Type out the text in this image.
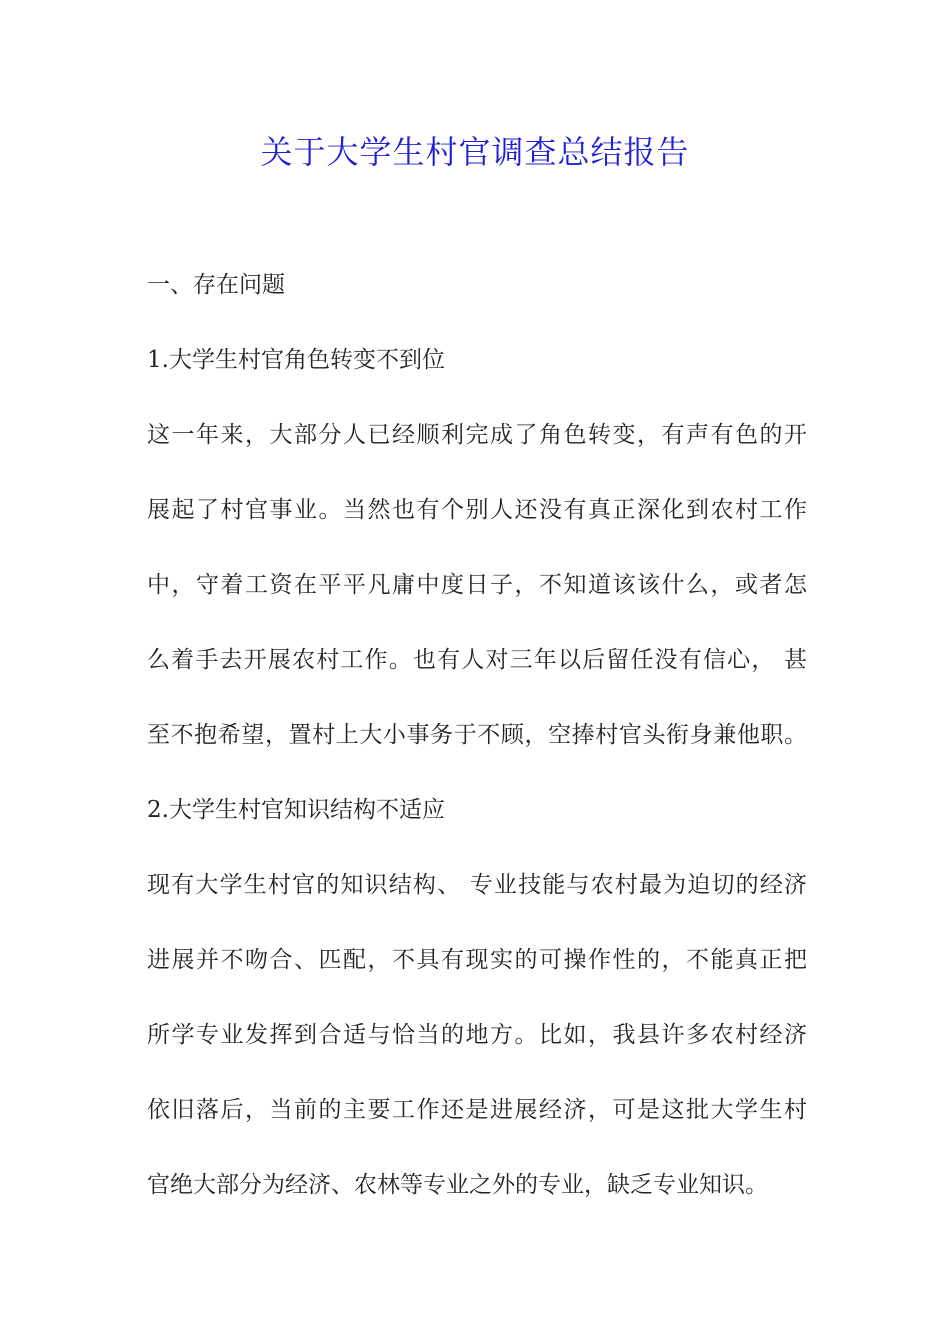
关于大学生村官调查总结报告
一、存在问题
1.大学生村官角色转变不到位
这一年来，大部分人已经顺利完成了角色转变，有声有色的开
展起了村官事业。当然也有个别人还没有真正深化到农村工作
中，守着工资在平平凡庸中度日子，不知道该该什么，或者怎
么着手去开展农村工作。也有人对三年以后留任没有信心， 甚
至不抱希望，置村上大小事务于不顾，空捧村官头衔身兼他职。
2.大学生村官知识结构不适应
现有大学生村官的知识结构、 专业技能与农村最为迫切的经济
进展并不吻合、匹配，不具有现实的可操作性的，不能真正把
所学专业发挥到合适与恰当的地方。比如，我县许多农村经济
依旧落后，当前的主要工作还是进展经济，可是这批大学生村
官绝大部分为经济、农林等专业之外的专业，缺乏专业知识。
